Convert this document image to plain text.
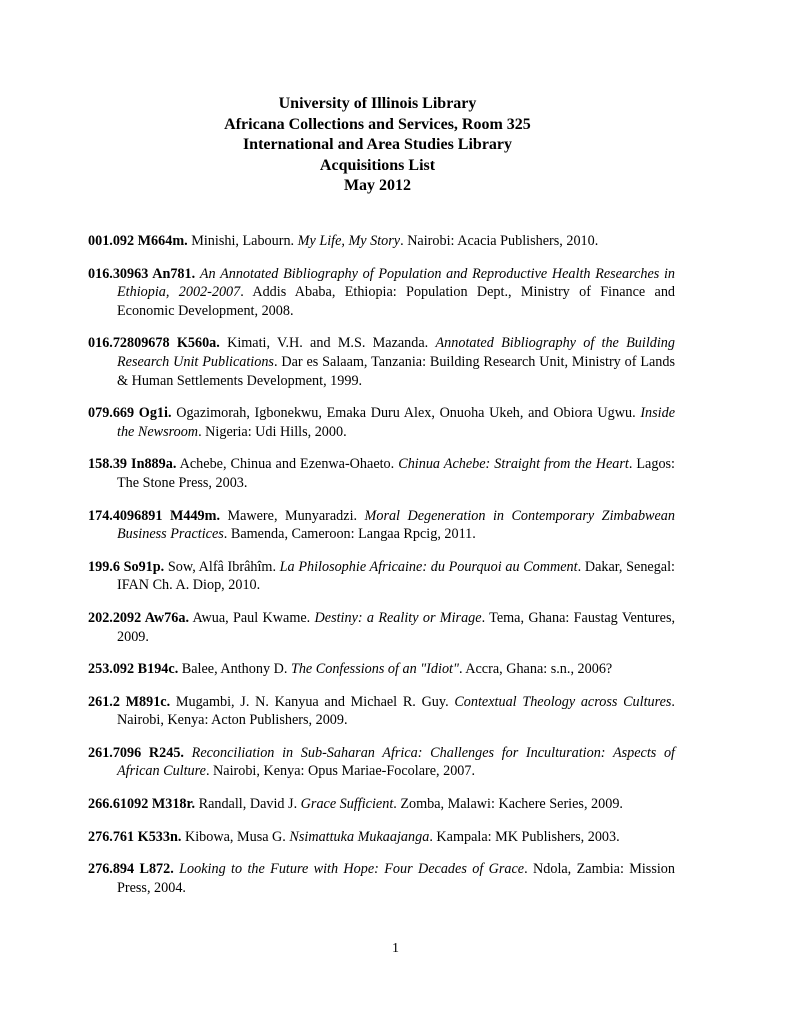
University of Illinois Library
Africana Collections and Services, Room 325
International and Area Studies Library
Acquisitions List
May 2012

001.092 M664m. Minishi, Labourn. My Life, My Story. Nairobi: Acacia Publishers, 2010.

016.30963 An781. An Annotated Bibliography of Population and Reproductive Health Researches in Ethiopia, 2002-2007. Addis Ababa, Ethiopia: Population Dept., Ministry of Finance and Economic Development, 2008.

016.72809678 K560a. Kimati, V.H. and M.S. Mazanda. Annotated Bibliography of the Building Research Unit Publications. Dar es Salaam, Tanzania: Building Research Unit, Ministry of Lands & Human Settlements Development, 1999.

079.669 Og1i. Ogazimorah, Igbonekwu, Emaka Duru Alex, Onuoha Ukeh, and Obiora Ugwu. Inside the Newsroom. Nigeria: Udi Hills, 2000.

158.39 In889a. Achebe, Chinua and Ezenwa-Ohaeto. Chinua Achebe: Straight from the Heart. Lagos: The Stone Press, 2003.

174.4096891 M449m. Mawere, Munyaradzi. Moral Degeneration in Contemporary Zimbabwean Business Practices. Bamenda, Cameroon: Langaa Rpcig, 2011.

199.6 So91p. Sow, Alfâ Ibrâhîm. La Philosophie Africaine: du Pourquoi au Comment. Dakar, Senegal: IFAN Ch. A. Diop, 2010.

202.2092 Aw76a. Awua, Paul Kwame. Destiny: a Reality or Mirage. Tema, Ghana: Faustag Ventures, 2009.

253.092 B194c. Balee, Anthony D. The Confessions of an "Idiot". Accra, Ghana: s.n., 2006?

261.2 M891c. Mugambi, J. N. Kanyua and Michael R. Guy. Contextual Theology across Cultures. Nairobi, Kenya: Acton Publishers, 2009.

261.7096 R245. Reconciliation in Sub-Saharan Africa: Challenges for Inculturation: Aspects of African Culture. Nairobi, Kenya: Opus Mariae-Focolare, 2007.

266.61092 M318r. Randall, David J. Grace Sufficient. Zomba, Malawi: Kachere Series, 2009.

276.761 K533n. Kibowa, Musa G. Nsimattuka Mukaajanga. Kampala: MK Publishers, 2003.

276.894 L872. Looking to the Future with Hope: Four Decades of Grace. Ndola, Zambia: Mission Press, 2004.

1
